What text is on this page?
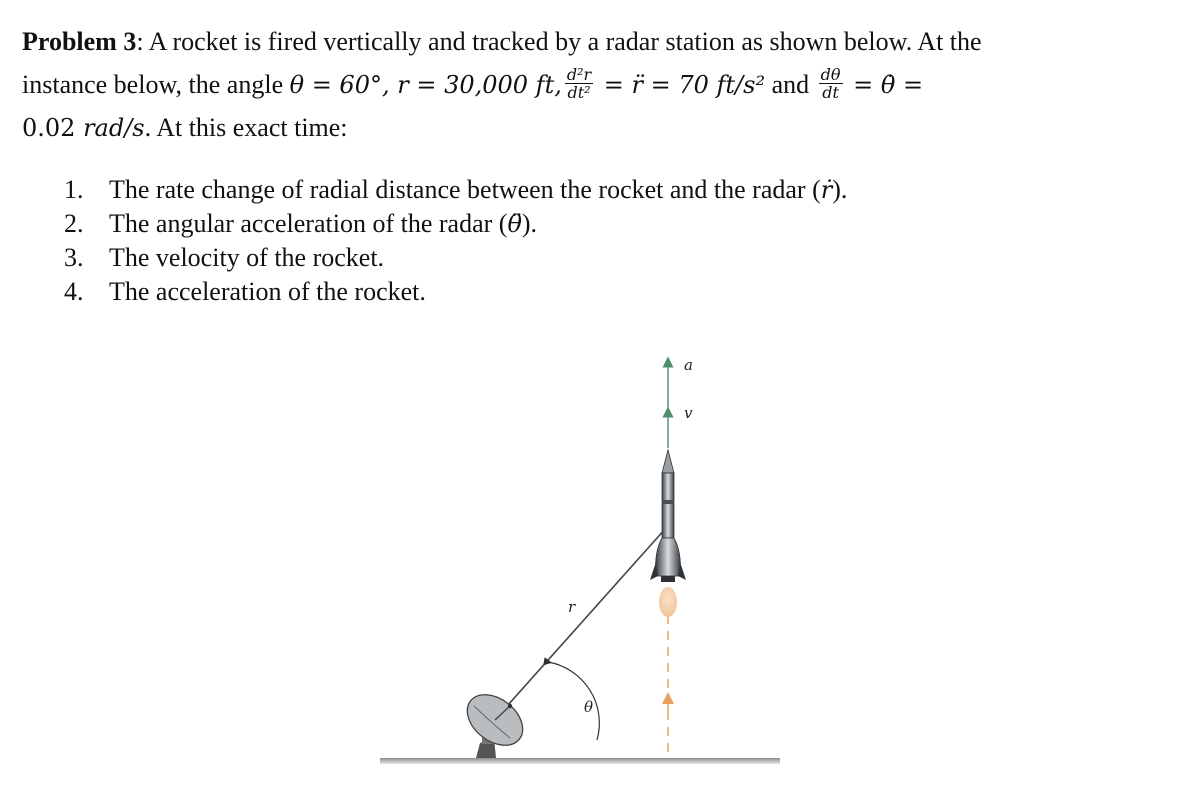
Problem 3: A rocket is fired vertically and tracked by a radar station as shown below. At the
instance below, the angle θ = 60°, r = 30,000 ft, $\frac{\text{d²r}}{\text{dt²}}$ = r̈ = 70 ft/s² and $\frac{d\theta}{dt}$ = θ̇ =
0.02 rad/s. At this exact time:
1. The rate change of radial distance between the rocket and the radar (ṙ).
2. The angular acceleration of the radar (θ̈).
3. The velocity of the rocket.
4. The acceleration of the rocket.
a
v
r
θ
